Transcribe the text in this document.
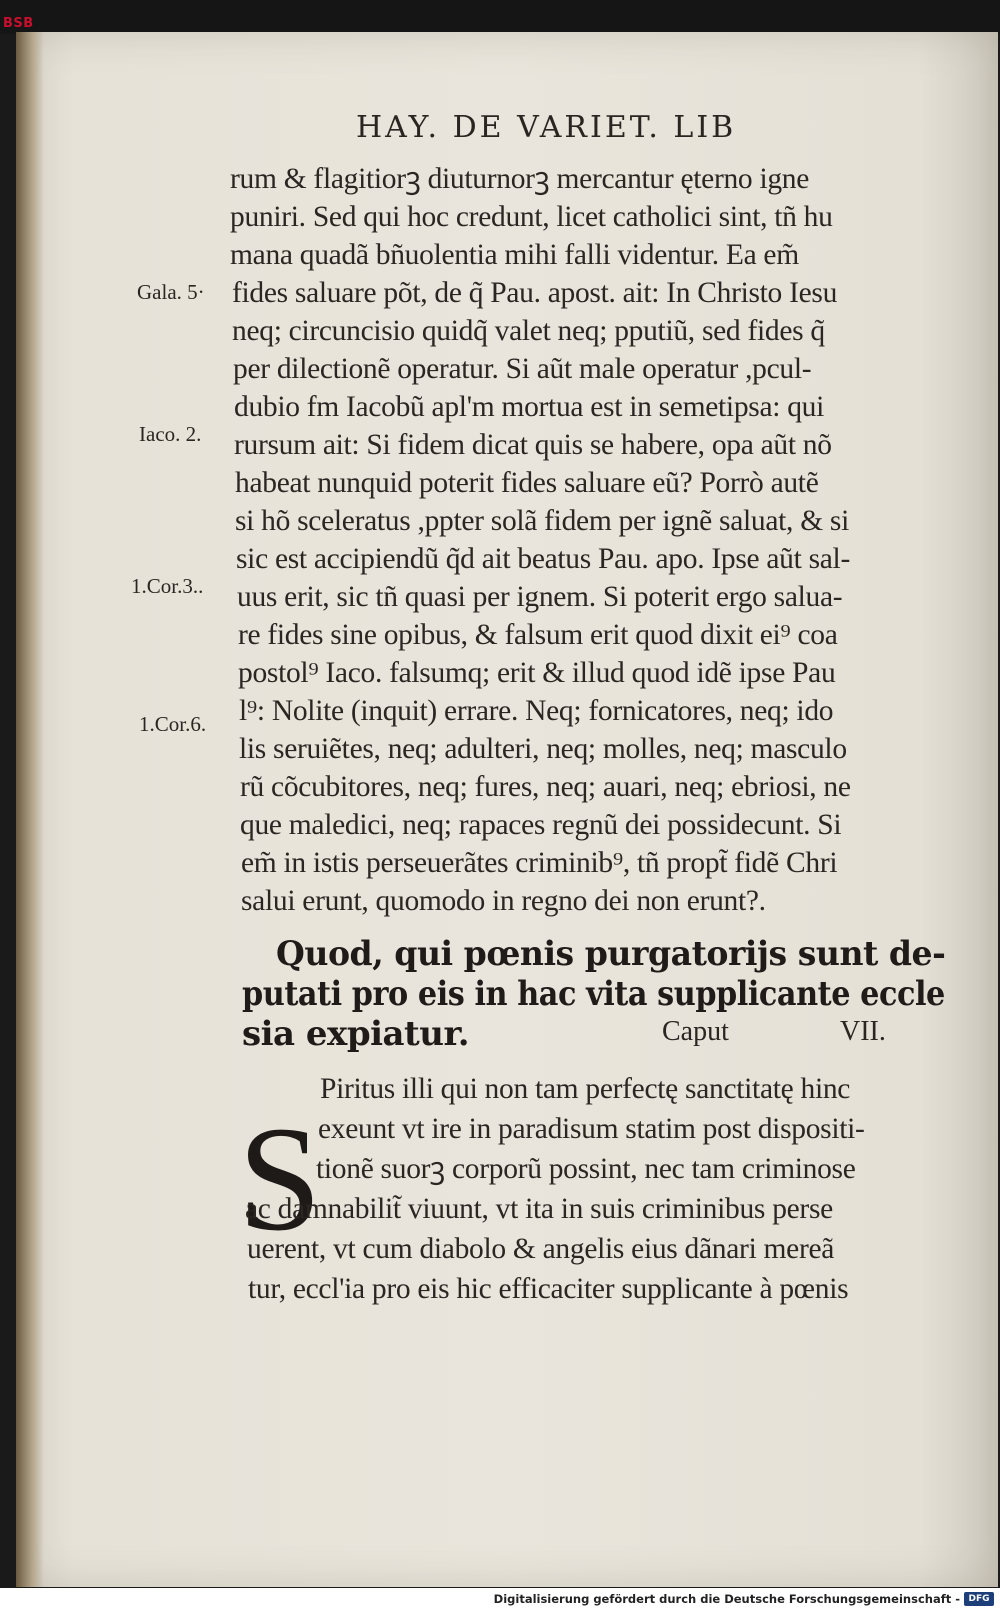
BSB
HAY. DE VARIET. LIB
Gala. 5·
Iaco. 2.
1.Cor.3..
1.Cor.6.
rum & flagitiorꝫ diuturnorꝫ mercantur ęterno igne
puniri. Sed qui hoc credunt, licet catholici sint, tñ hu
mana quadã bñuolentia mihi falli videntur. Ea em̃
fides saluare põt, de q̃ Pau. apost. ait: In Christo Iesu
neq; circuncisio quidq̃ valet neq; pputiũ, sed fides q̃
per dilectionẽ operatur. Si aũt male operatur ,pcul-
dubio fm Iacobũ apl'm mortua est in semetipsa: qui
rursum ait: Si fidem dicat quis se habere, opa aũt nõ
habeat nunquid poterit fides saluare eũ? Porrò autẽ
si hõ sceleratus ,ppter solã fidem per ignẽ saluat, & si
sic est accipiendũ q̃d ait beatus Pau. apo. Ipse aũt sal-
uus erit, sic tñ quasi per ignem. Si poterit ergo salua-
re fides sine opibus, & falsum erit quod dixit ei⁹ coa
postol⁹ Iaco. falsumq; erit & illud quod idẽ ipse Pau
l⁹: Nolite (inquit) errare. Neq; fornicatores, neq; ido
lis seruiẽtes, neq; adulteri, neq; molles, neq; masculo
rũ cõcubitores, neq; fures, neq; auari, neq; ebriosi, ne
que maledici, neq; rapaces regnũ dei possidecunt. Si
em̃ in istis perseuerãtes criminib⁹, tñ propt̃ fidẽ Chri
salui erunt, quomodo in regno dei non erunt?.
Quod, qui pœnis purgatorijs sunt de-
putati pro eis in hac vita supplicante eccle
sia expiatur.	Caput	VII.
S
Piritus illi qui non tam perfectę sanctitatę hinc
exeunt vt ire in paradisum statim post dispositi-
tionẽ suorꝫ corporũ possint, nec tam criminose
ac damnabilit̃ viuunt, vt ita in suis criminibus perse
uerent, vt cum diabolo & angelis eius dãnari mereã
tur, eccl'ia pro eis hic efficaciter supplicante à pœnis
Digitalisierung gefördert durch die Deutsche Forschungsgemeinschaft - DFG
